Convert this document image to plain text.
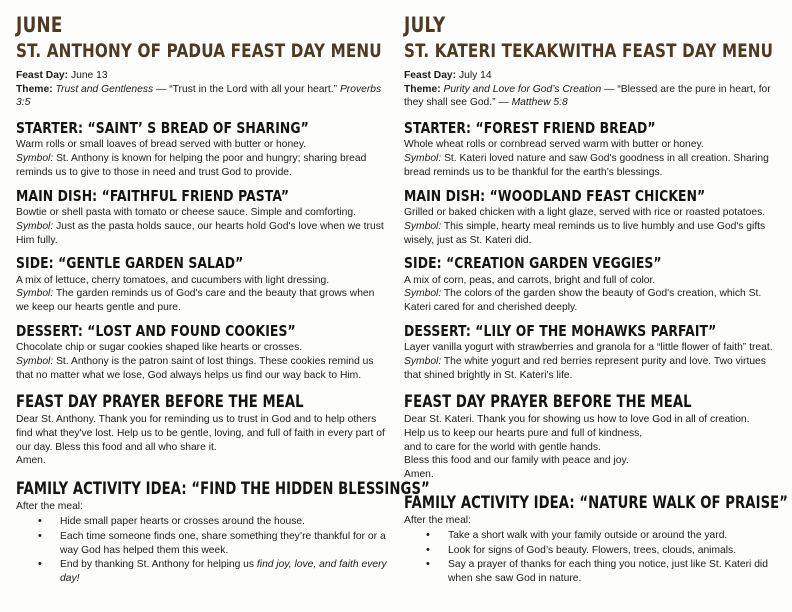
JUNE
ST. ANTHONY OF PADUA FEAST DAY MENU

Feast Day: June 13

Theme: Trust and Gentleness — “Trust in the Lord with all your heart.” Proverbs 3:5

STARTER: “SAINT’ S BREAD OF SHARING”

Warm rolls or small loaves of bread served with butter or honey.

Symbol: St. Anthony is known for helping the poor and hungry; sharing bread reminds us to give to those in need and trust God to provide.

MAIN DISH: “FAITHFUL FRIEND PASTA”

Bowtie or shell pasta with tomato or cheese sauce. Simple and comforting.

Symbol: Just as the pasta holds sauce, our hearts hold God's love when we trust Him fully.

SIDE: “GENTLE GARDEN SALAD”

A mix of lettuce, cherry tomatoes, and cucumbers with light dressing.

Symbol: The garden reminds us of God's care and the beauty that grows when we keep our hearts gentle and pure.

DESSERT: “LOST AND FOUND COOKIES”

Chocolate chip or sugar cookies shaped like hearts or crosses.

Symbol: St. Anthony is the patron saint of lost things. These cookies remind us that no matter what we lose, God always helps us find our way back to Him.

FEAST DAY PRAYER BEFORE THE MEAL

Dear St. Anthony. Thank you for reminding us to trust in God and to help others find what they've lost. Help us to be gentle, loving, and full of faith in every part of our day. Bless this food and all who share it.

Amen.

FAMILY ACTIVITY IDEA: “FIND THE HIDDEN BLESSINGS”

After the meal:

• Hide small paper hearts or crosses around the house.
• Each time someone finds one, share something they’re thankful for or a way God has helped them this week.
• End by thanking St. Anthony for helping us find joy, love, and faith every day!
JULY
ST. KATERI TEKAKWITHA FEAST DAY MENU

Feast Day: July 14

Theme: Purity and Love for God’s Creation — “Blessed are the pure in heart, for they shall see God.” — Matthew 5:8

STARTER: “FOREST FRIEND BREAD”

Whole wheat rolls or cornbread served warm with butter or honey.

Symbol: St. Kateri loved nature and saw God's goodness in all creation. Sharing bread reminds us to be thankful for the earth’s blessings.

MAIN DISH: “WOODLAND FEAST CHICKEN”

Grilled or baked chicken with a light glaze, served with rice or roasted potatoes.

Symbol: This simple, hearty meal reminds us to live humbly and use God's gifts wisely, just as St. Kateri did.

SIDE: “CREATION GARDEN VEGGIES”

A mix of corn, peas, and carrots, bright and full of color.

Symbol: The colors of the garden show the beauty of God's creation, which St. Kateri cared for and cherished deeply.

DESSERT: “LILY OF THE MOHAWKS PARFAIT”

Layer vanilla yogurt with strawberries and granola for a “little flower of faith” treat.

Symbol: The white yogurt and red berries represent purity and love. Two virtues that shined brightly in St. Kateri's life.

FEAST DAY PRAYER BEFORE THE MEAL

Dear St. Kateri. Thank you for showing us how to love God in all of creation.

Help us to keep our hearts pure and full of kindness,

and to care for the world with gentle hands.

Bless this food and our family with peace and joy.

Amen.

FAMILY ACTIVITY IDEA: “NATURE WALK OF PRAISE”

After the meal:

• Take a short walk with your family outside or around the yard.
• Look for signs of God’s beauty. Flowers, trees, clouds, animals.
• Say a prayer of thanks for each thing you notice, just like St. Kateri did when she saw God in nature.
